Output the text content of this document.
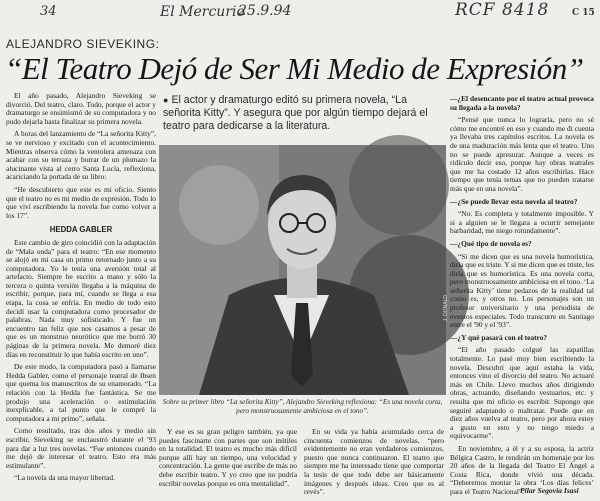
34	El Mercurio
25.9.94	RCF 8418	C 15
ALEJANDRO SIEVEKING:
“El Teatro Dejó de Ser Mi Medio de Expresión”

El año pasado, Alejandro Sieveking se divorció. Del teatro, claro. Todo, porque el actor y dramaturgo se ensimismó de su computadora y no pudo dejarla hasta finalizar su primera novela.

A horas del lanzamiento de “La señorita Kitty”, se ve nervioso y excitado con el acontecimiento. Mientras observa cómo la ventolera amenaza con acabar con su terraza y borrar de un plumazo la alucinante vista al cerro Santa Lucía, reflexiona, acariciando la portada de su libro:

“He descubierto que este es mi oficio. Siento que el teatro no es mi medio de expresión. Todo lo que viví escribiendo la novela fue como volver a los 17”.

HEDDA GABLER

Este cambio de giro coincidió con la adaptación de “Mala onda” para el teatro: “En ese momento se alojó en mi casa un primo retornado junto a su computadora. Yo le tenía una aversión total al artefacto. Siempre he escrito a mano y sólo la tercera o quinta versión llegaba a la máquina de escribir, porque, para mí, cuando se llega a esa etapa, la cosa se enfría. En medio de todo esto decidí usar la computadora como procesador de palabras. Nada muy sofisticado. Y fue un encuentro tan feliz que nos casamos a pesar de que es un monstruo neurótico que me borró 30 páginas de la primera novela. Me demoré diez días en reconstituir lo que había escrito en uno”.

De este modo, la computadora pasó a llamarse Hedda Gabler, como el personaje teatral de Ibsen que quema los manuscritos de su enamorado. “La relación con la Hedda fue fantástica. Se me produjo una aceleración o estimulación inexplicable, a tal punto que le compré la computadora a mi primo”, señala.

Como resultado, tras dos años y medio sin escribir, Sieveking se enclaustró durante el '93 para dar a luz tres novelas. “Fue entonces cuando me dejó de interesar el teatro. Esto era más estimulante”.

“La novela da una mayor libertad.

● El actor y dramaturgo editó su primera novela, “La señorita Kitty”. Y asegura que por algún tiempo dejará el teatro para dedicarse a la literatura.
J. DONALD
Sobre su primer libro “La señorita Kitty”, Alejandro Sieveking reflexiona: “Es una novela corta, pero monstruosamente ambiciosa en el tono”.

Y ese es su gran peligro también, ya que puedes fascinarte con partes que son inútiles en la totalidad. El teatro es mucho más difícil porque allí hay un tiempo, una velocidad y concentración. La gente que escribe de más no debe escribir teatro. Y yo creo que no podría escribir novelas porque es otra mentalidad”.

En su vida ya había acumulado cerca de cincuenta comienzos de novelas, “pero evidentemente no eran verdaderos comienzos, puesto que nunca continuaron. El teatro que siempre me ha interesado tiene que comportar la tesis de que todo debe ser básicamente imágenes y después ideas. Creo que es al revés”.

—¿El desencanto por el teatro actual provoca su llegada a la novela?

“Pensé que nunca lo lograría, pero no sé cómo me encontré en eso y cuando me di cuenta ya llevaba tres capítulos escritos. La novela es de una maduración más lenta que el teatro. Uno no se puede apresurar. Aunque a veces es ridículo decir eso, porque hay obras teatrales que me ha costado 12 años escribirlas. Hace tiempo que tenía temas que no pueden tratarse más que en una novela”.

—¿Se puede llevar esta novela al teatro?

“No. Es completa y totalmente imposible. Y si a alguien se le llegara a ocurrir semejante barbaridad, me niego rotundamente”.

—¿Qué tipo de novela es?

“Si me dicen que es una novela humorística, diría que es triste. Y si me dicen que es triste, les diría que es humorística. Es una novela corta, pero monstruosamente ambiciosa en el tono. ‘La señorita Kitty’ tiene pedazos de la realidad tal como es, y otros no. Los personajes son un profesor universitario y una periodista de eventos especiales. Todo transcurre en Santiago entre el '90 y el '93”.

—¿Y qué pasará con el teatro?

“El año pasado colgué las zapatillas totalmente. Lo pasé muy bien escribiendo la novela. Descubrí que aquí estaba la vida, entonces vino el divorcio del teatro. No actuaré más en Chile. Llevo muchos años dirigiendo obras, actuando, diseñando vestuarios, etc. y resulta que mi oficio es escribir. Supongo que seguiré adaptando o maltratar. Puede que en diez años vuelva al teatro, pero por ahora estoy a gusto en esto y no tengo miedo a equivocarme”.

En noviembre, a él y a su esposa, la actriz Bélgica Castro, le rendirán un homenaje por los 20 años de la llegada del Teatro El Ángel a Costa Rica, donde vivió una década. “Deberemos montar la obra ‘Los días felices’ para el Teatro Nacional”.

Pilar Segovia Isasi
